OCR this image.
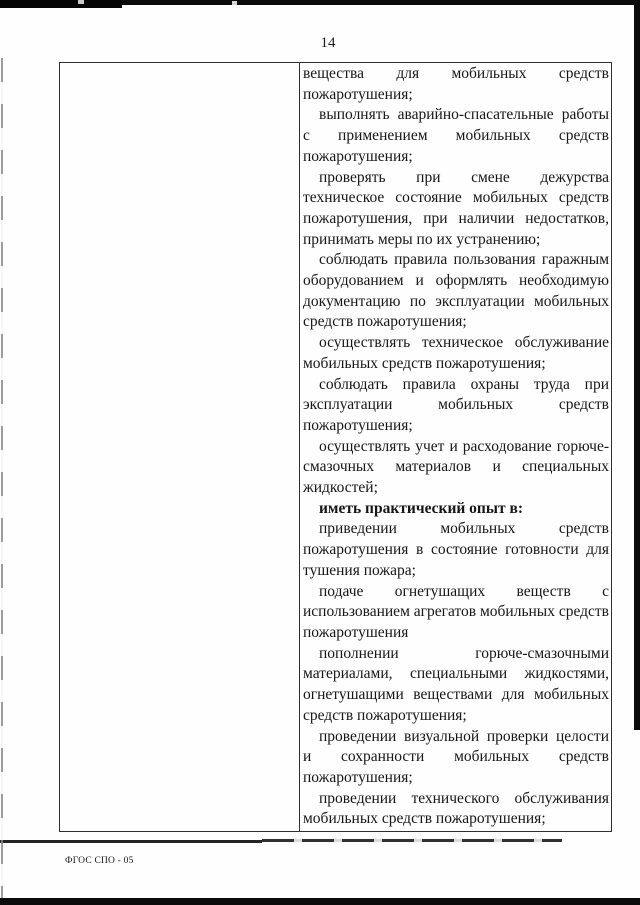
14

вещества для мобильных средств пожаротушения;

выполнять аварийно-спасательные работы с применением мобильных средств пожаротушения;

проверять при смене дежурства техническое состояние мобильных средств пожаротушения, при наличии недостатков, принимать меры по их устранению;

соблюдать правила пользования гаражным оборудованием и оформлять необходимую документацию по эксплуатации мобильных средств пожаротушения;

осуществлять техническое обслуживание мобильных средств пожаротушения;

соблюдать правила охраны труда при эксплуатации мобильных средств пожаротушения;

осуществлять учет и расходование горюче-смазочных материалов и специальных жидкостей;

иметь практический опыт в:

приведении мобильных средств пожаротушения в состояние готовности для тушения пожара;

подаче огнетушащих веществ с использованием агрегатов мобильных средств пожаротушения

пополнении горюче-смазочными материалами, специальными жидкостями, огнетушащими веществами для мобильных средств пожаротушения;

проведении визуальной проверки целости и сохранности мобильных средств пожаротушения;

проведении технического обслуживания мобильных средств пожаротушения;

ФГОС СПО - 05
